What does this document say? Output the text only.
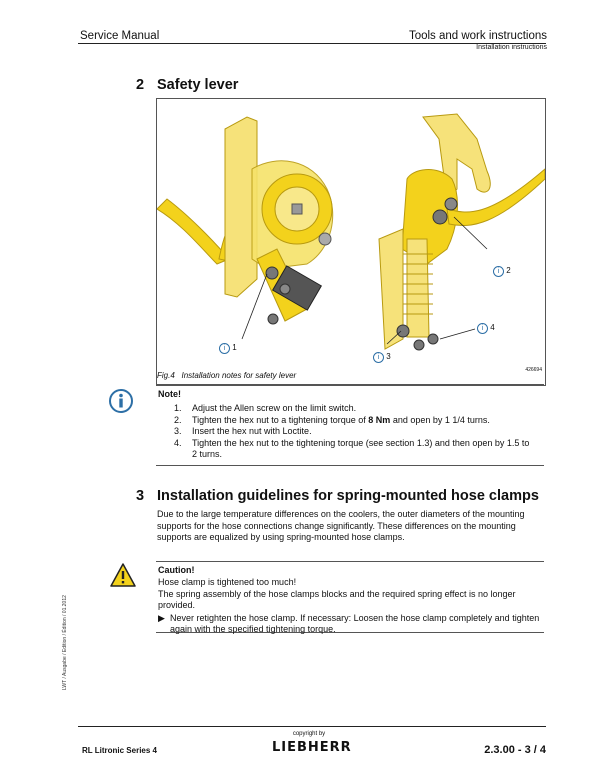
Service Manual	Tools and work instructions
Installation instructions
2 Safety lever
i 1
i 2
i 3
i 4
426694
Fig.4 Installation notes for safety lever
Note!
1.	Adjust the Allen screw on the limit switch.
2.	Tighten the hex nut to a tightening torque of 8 Nm and open by 1 1/4 turns.
3.	Insert the hex nut with Loctite.
4.	Tighten the hex nut to the tightening torque (see section 1.3) and then open by 1.5 to 2 turns.
3 Installation guidelines for spring-mounted hose clamps
Due to the large temperature differences on the coolers, the outer diameters of the mounting supports for the hose connections change significantly. These differences on the mounting supports are equalized by using spring-mounted hose clamps.
Caution!
Hose clamp is tightened too much!
The spring assembly of the hose clamps blocks and the required spring effect is no longer provided.
▶ Never retighten the hose clamp. If necessary: Loosen the hose clamp completely and tighten again with the specified tightening torque.
LWT / Ausgabe / Edition / Édition / 01.2012
RL Litronic Series 4
copyright by
LIEBHERR	2.3.00 - 3 / 4
